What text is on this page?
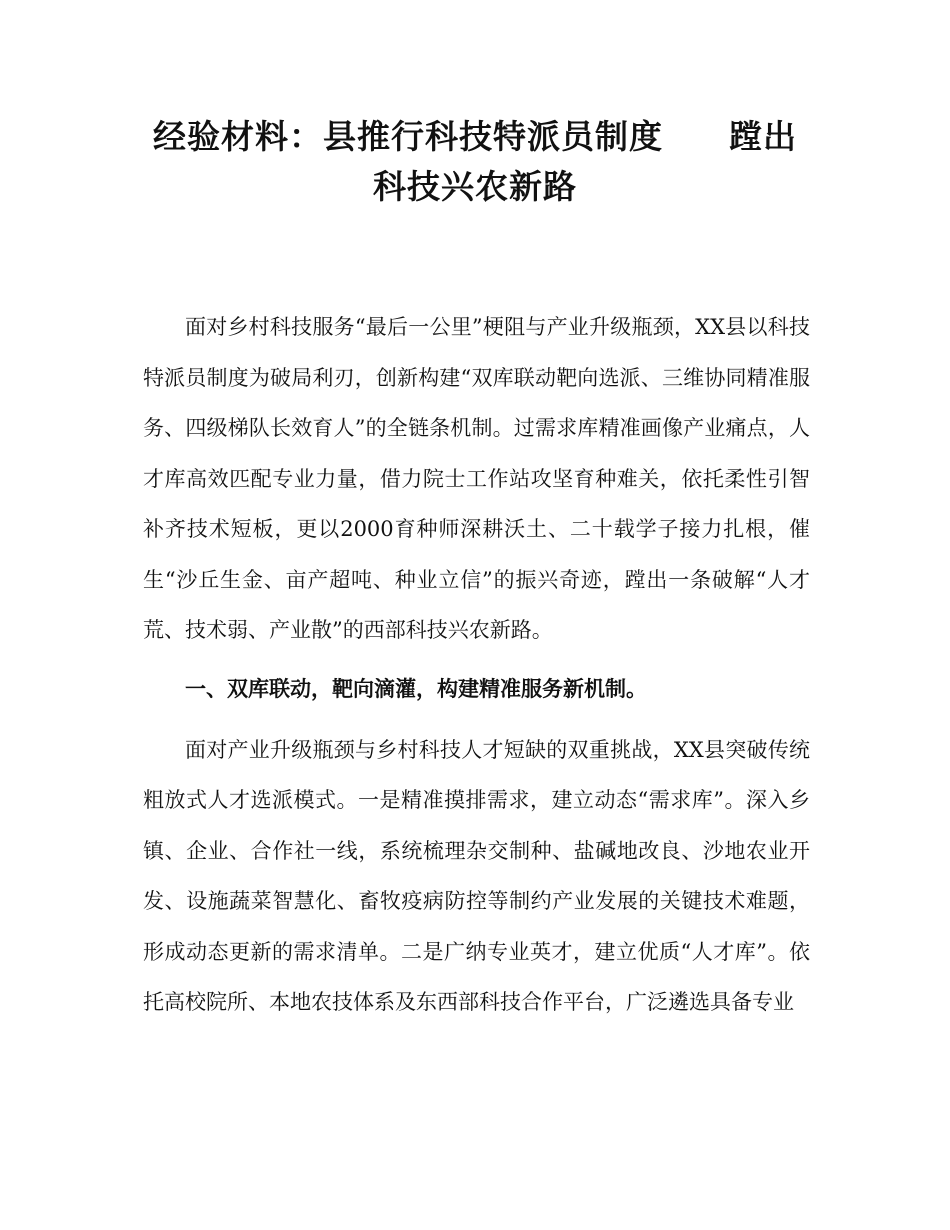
经验材料：县推行科技特派员制度 蹚出
科技兴农新路

面对乡村科技服务“最后一公里”梗阻与产业升级瓶颈，XX县以科技特派员制度为破局利刃，创新构建“双库联动靶向选派、三维协同精准服务、四级梯队长效育人”的全链条机制。过需求库精准画像产业痛点，人才库高效匹配专业力量，借力院士工作站攻坚育种难关，依托柔性引智补齐技术短板，更以2000育种师深耕沃土、二十载学子接力扎根，催生“沙丘生金、亩产超吨、种业立信”的振兴奇迹，蹚出一条破解“人才荒、技术弱、产业散”的西部科技兴农新路。

一、双库联动，靶向滴灌，构建精准服务新机制。

面对产业升级瓶颈与乡村科技人才短缺的双重挑战，XX县突破传统粗放式人才选派模式。一是精准摸排需求，建立动态“需求库”。深入乡镇、企业、合作社一线，系统梳理杂交制种、盐碱地改良、沙地农业开发、设施蔬菜智慧化、畜牧疫病防控等制约产业发展的关键技术难题，形成动态更新的需求清单。二是广纳专业英才，建立优质“人才库”。依托高校院所、本地农技体系及东西部科技合作平台，广泛遴选具备专业
